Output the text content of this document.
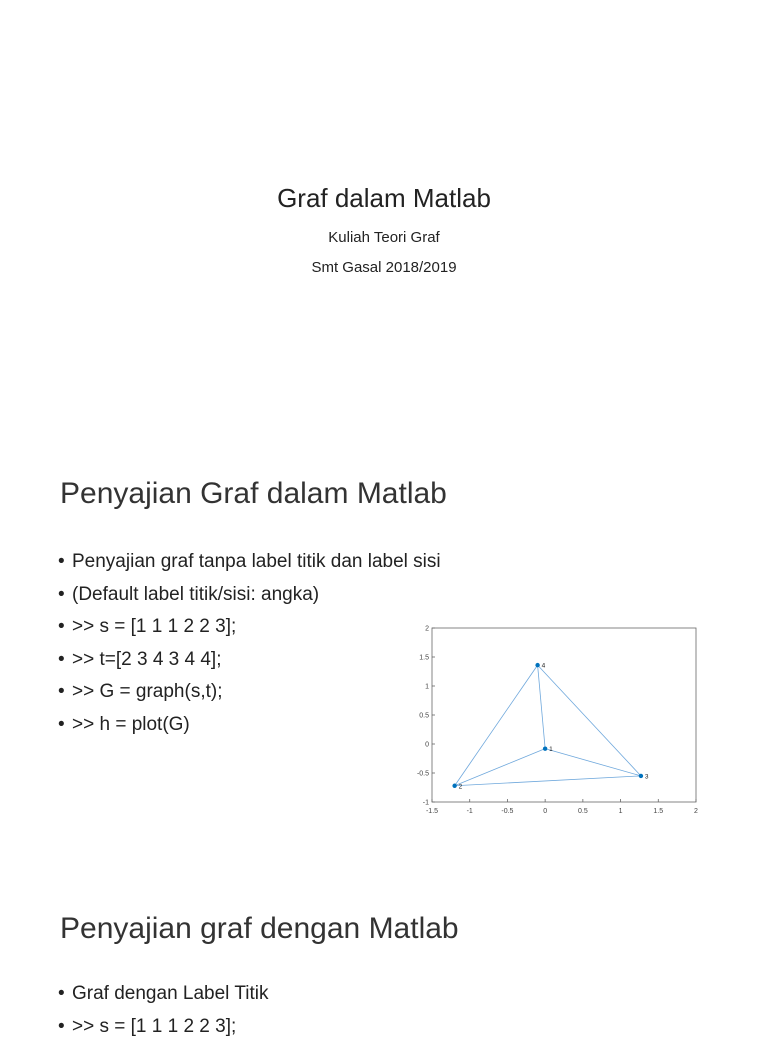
Graf dalam Matlab
Kuliah Teori Graf
Smt Gasal 2018/2019
Penyajian Graf dalam Matlab
• Penyajian graf tanpa label titik dan label sisi
• (Default label titik/sisi: angka)
• >> s = [1 1 1 2 2 3];
• >> t=[2 3 4 3 4 4];
• >> G = graph(s,t);
• >> h = plot(G)
-1.5	-1	-0.5	0	0.5	1	1.5	2
-1
-0.5
0
0.5
1
1.5
2
1
2
3
4
Penyajian graf dengan Matlab
• Graf dengan Label Titik
• >> s = [1 1 1 2 2 3];
